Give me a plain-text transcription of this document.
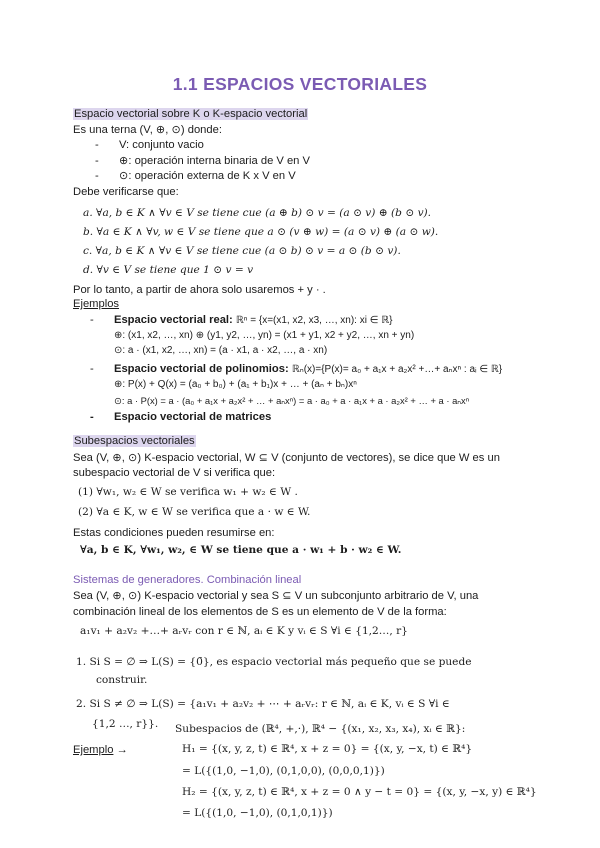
1.1 ESPACIOS VECTORIALES
Espacio vectorial sobre K o K-espacio vectorial
Es una terna (V, ⊕, ⊙) donde:
- V: conjunto vacio
- ⊕: operación interna binaria de V en V
- ⊙: operación externa de K x V en V
Debe verificarse que:
a. ∀a, b ∈ K ∧ ∀v ∈ V se tiene cue (a ⊕ b) ⊙ v = (a ⊙ v) ⊕ (b ⊙ v).
b. ∀a ∈ K ∧ ∀v, w ∈ V se tiene que a ⊙ (v ⊕ w) = (a ⊙ v) ⊕ (a ⊙ w).
c. ∀a, b ∈ K ∧ ∀v ∈ V se tiene cue (a ⊙ b) ⊙ v = a ⊙ (b ⊙ v).
d. ∀v ∈ V se tiene que 1 ⊙ v = v
Por lo tanto, a partir de ahora solo usaremos + y · .
Ejemplos
- Espacio vectorial real: ℝⁿ = {x=(x1, x2, x3, …, xn): xi ∈ ℝ}
⊕: (x1, x2, …, xn) ⊕ (y1, y2, …, yn) = (x1 + y1, x2 + y2, …, xn + yn)
⊙: a · (x1, x2, …, xn) = (a · x1, a · x2, …, a · xn)
- Espacio vectorial de polinomios: ℝₙ(x)={P(x)= a₀ + a₁x + a₂x² +…+ aₙxⁿ : aᵢ ∈ ℝ}
⊕: P(x) + Q(x) = (a₀ + b₀) + (a₁ + b₁)x + … + (aₙ + bₙ)xⁿ
⊙: a · P(x) = a · (a₀ + a₁x + a₂x² + … + aₙxⁿ) = a · a₀ + a · a₁x + a · a₂x² + … + a · aₙxⁿ
- Espacio vectorial de matrices
Subespacios vectoriales
Sea (V, ⊕, ⊙) K-espacio vectorial, W ⊆ V (conjunto de vectores), se dice que W es un
subespacio vectorial de V si verifica que:
(1) ∀w₁, w₂ ∈ W se verifica w₁ + w₂ ∈ W .
(2) ∀a ∈ K, w ∈ W se verifica que a · w ∈ W.
Estas condiciones pueden resumirse en:
∀a, b ∈ K, ∀w₁, w₂, ∈ W se tiene que a · w₁ + b · w₂ ∈ W.
Sistemas de generadores. Combinación lineal
Sea (V, ⊕, ⊙) K-espacio vectorial y sea S ⊆ V un subconjunto arbitrario de V, una
combinación lineal de los elementos de S es un elemento de V de la forma:
a₁v₁ + a₂v₂ +…+ aᵣvᵣ con r ∈ ℕ, aᵢ ∈ K y vᵢ ∈ S ∀i ∈ {1,2…, r}
1. Si S = ∅ ⇒ L(S) = {0̄}, es espacio vectorial más pequeño que se puede
construir.
2. Si S ≠ ∅ ⇒ L(S) = {a₁v₁ + a₂v₂ + ⋯ + aᵣvᵣ: r ∈ ℕ, aᵢ ∈ K, vᵢ ∈ S ∀i ∈
{1,2 …, r}}. Subespacios de (ℝ⁴, +,·), ℝ⁴ − {(x₁, x₂, x₃, x₄), xᵢ ∈ ℝ}:
Ejemplo →	H₁ = {(x, y, z, t) ∈ ℝ⁴, x + z = 0} = {(x, y, −x, t) ∈ ℝ⁴}
= L({(1,0, −1,0), (0,1,0,0), (0,0,0,1)})
H₂ = {(x, y, z, t) ∈ ℝ⁴, x + z = 0 ∧ y − t = 0} = {(x, y, −x, y) ∈ ℝ⁴}
= L({(1,0, −1,0), (0,1,0,1)})
